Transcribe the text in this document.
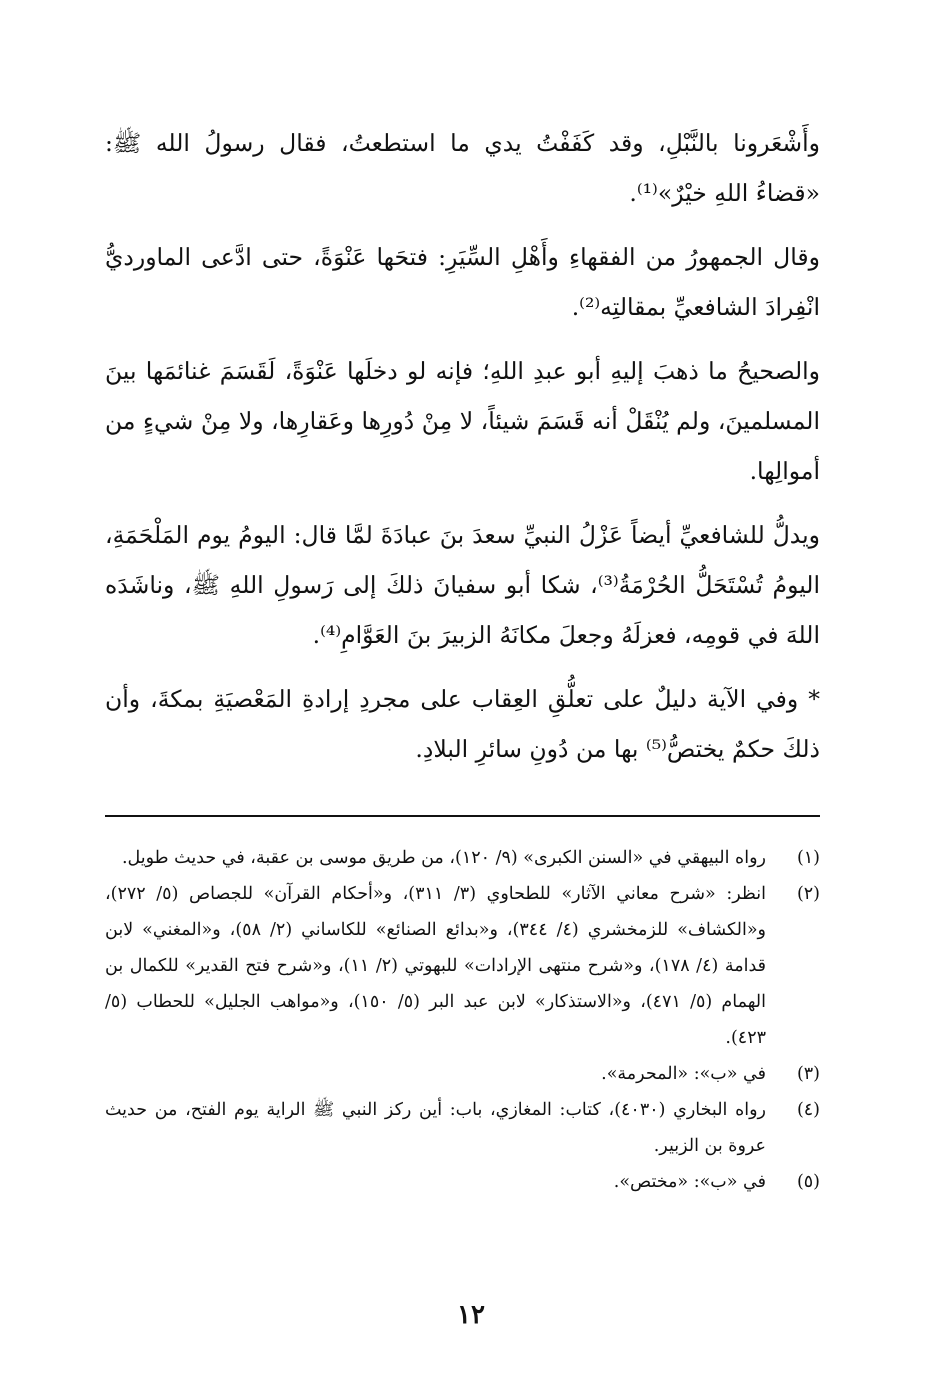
وأَشْعَرونا بالنَّبْلِ، وقد كَفَفْتُ يدي ما استطعتُ، فقال رسولُ الله ﷺ: «قضاءُ اللهِ خيْرٌ»⁽¹⁾.

وقال الجمهورُ من الفقهاءِ وأَهْلِ السِّيَرِ: فتحَها عَنْوَةً، حتى ادَّعى الماورديُّ انْفِرادَ الشافعيِّ بمقالتِه⁽²⁾.

والصحيحُ ما ذهبَ إليهِ أبو عبدِ اللهِ؛ فإنه لو دخلَها عَنْوَةً، لَقَسَمَ غنائمَها بينَ المسلمينَ، ولم يُنْقَلْ أنه قَسَمَ شيئاً، لا مِنْ دُورِها وعَقارِها، ولا مِنْ شيءٍ من أموالِها.

ويدلُّ للشافعيِّ أيضاً عَزْلُ النبيِّ سعدَ بنَ عبادَةَ لمَّا قال: اليومُ يوم المَلْحَمَةِ، اليومُ تُسْتَحَلُّ الحُرْمَةُ⁽³⁾، شكا أبو سفيانَ ذلكَ إلى رَسولِ اللهِ ﷺ، وناشَدَه اللهَ في قومِه، فعزلَهُ وجعلَ مكانَهُ الزبيرَ بنَ العَوَّامِ⁽⁴⁾.

* وفي الآية دليلٌ على تعلُّقِ العِقاب على مجردِ إرادةِ المَعْصيَةِ بمكةَ، وأن ذلكَ حكمٌ يختصُّ⁽⁵⁾ بها من دُونِ سائرِ البلادِ.

(١)
رواه البيهقي في «السنن الكبرى» (٩/ ١٢٠)، من طريق موسى بن عقبة، في حديث طويل.
(٢)
انظر: «شرح معاني الآثار» للطحاوي (٣/ ٣١١)، و«أحكام القرآن» للجصاص (٥/ ٢٧٢)، و«الكشاف» للزمخشري (٤/ ٣٤٤)، و«بدائع الصنائع» للكاساني (٢/ ٥٨)، و«المغني» لابن قدامة (٤/ ١٧٨)، و«شرح منتهى الإرادات» للبهوتي (٢/ ١١)، و«شرح فتح القدير» للكمال بن الهمام (٥/ ٤٧١)، و«الاستذكار» لابن عبد البر (٥/ ١٥٠)، و«مواهب الجليل» للحطاب (٥/ ٤٢٣).
(٣)
في «ب»: «المحرمة».
(٤)
رواه البخاري (٤٠٣٠)، كتاب: المغازي، باب: أين ركز النبي ﷺ الراية يوم الفتح، من حديث عروة بن الزبير.
(٥)
في «ب»: «مختص».
١٢
